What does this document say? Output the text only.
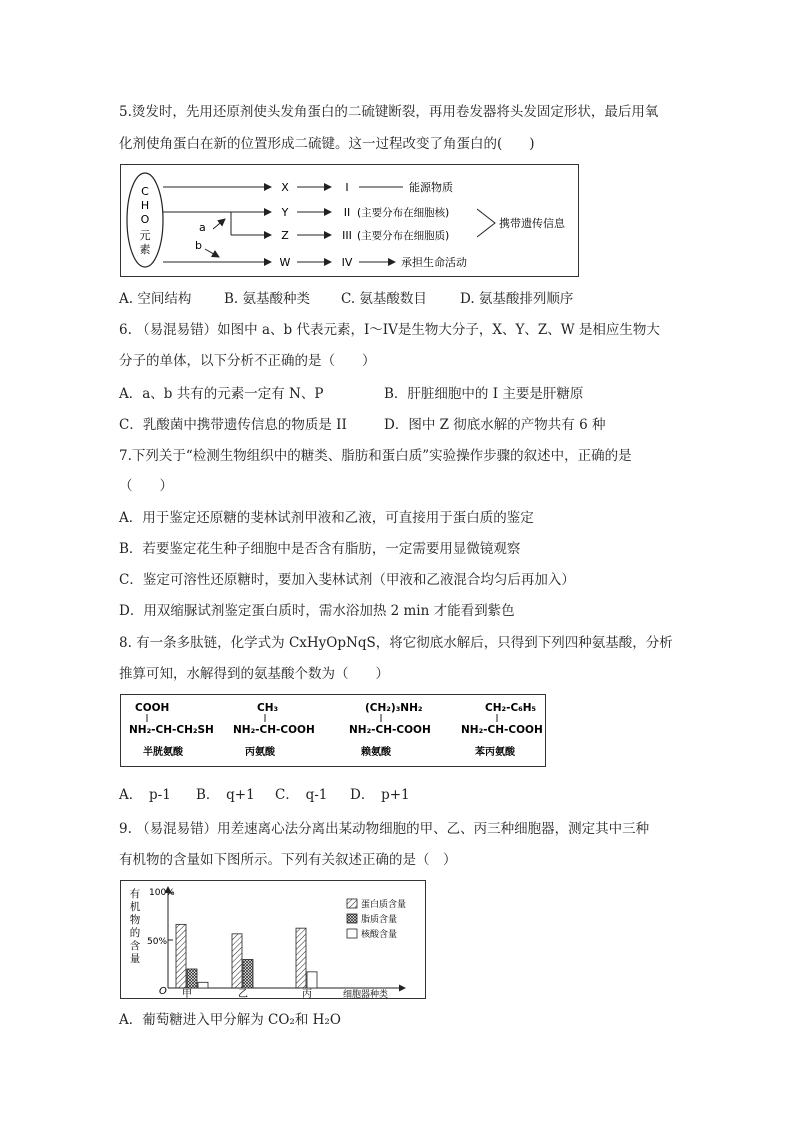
5.烫发时，先用还原剂使头发角蛋白的二硫键断裂，再用卷发器将头发固定形状，最后用氧
化剂使角蛋白在新的位置形成二硫键。这一过程改变了角蛋白的(　　)
C
H
O
元
素
a
b
X
Y
Z
W
I
II
III
IV
能源物质
(主要分布在细胞核)
(主要分布在细胞质)
承担生命活动
携带遗传信息
A. 空间结构 B. 氨基酸种类 C. 氨基酸数目 D. 氨基酸排列顺序
6. （易混易错）如图中 a、b 代表元素，I～IV是生物大分子，X、Y、Z、W 是相应生物大
分子的单体，以下分析不正确的是（　　）
A．a、b 共有的元素一定有 N、P	B．肝脏细胞中的 I 主要是肝糖原
C．乳酸菌中携带遗传信息的物质是 II	D．图中 Z 彻底水解的产物共有 6 种
7.下列关于“检测生物组织中的糖类、脂肪和蛋白质”实验操作步骤的叙述中，正确的是
（　　）
A．用于鉴定还原糖的斐林试剂甲液和乙液，可直接用于蛋白质的鉴定
B．若要鉴定花生种子细胞中是否含有脂肪，一定需要用显微镜观察
C．鉴定可溶性还原糖时，要加入斐林试剂（甲液和乙液混合均匀后再加入）
D．用双缩脲试剂鉴定蛋白质时，需水浴加热 2 min 才能看到紫色
8. 有一条多肽链，化学式为 CxHyOpNqS，将它彻底水解后，只得到下列四种氨基酸，分析
推算可知，水解得到的氨基酸个数为（　　）
COOH
NH₂-CH-CH₂SH
半胱氨酸
CH₃
NH₂-CH-COOH
丙氨酸
(CH₂)₃NH₂
NH₂-CH-COOH
赖氨酸
CH₂-C₆H₅
NH₂-CH-COOH
苯丙氨酸
A．　p-1 B．　q+1 C．　q-1 D．　p+1
9. （易混易错）用差速离心法分离出某动物细胞的甲、乙、丙三种细胞器，测定其中三种
有机物的含量如下图所示。下列有关叙述正确的是（　）
有
机
物
的
含
量
100%
50%
O 甲	乙	丙	细胞器种类
蛋白质含量
脂质含量
核酸含量
A．葡萄糖进入甲分解为 CO₂和 H₂O
